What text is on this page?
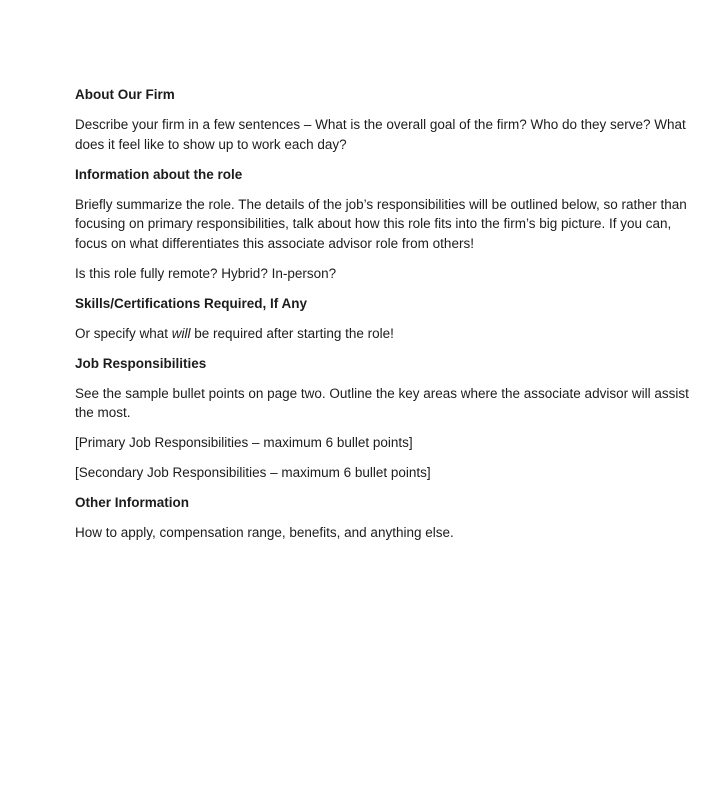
About Our Firm

Describe your firm in a few sentences – What is the overall goal of the firm? Who do they serve? What does it feel like to show up to work each day?

Information about the role

Briefly summarize the role. The details of the job’s responsibilities will be outlined below, so rather than focusing on primary responsibilities, talk about how this role fits into the firm’s big picture. If you can, focus on what differentiates this associate advisor role from others!

Is this role fully remote? Hybrid? In-person?

Skills/Certifications Required, If Any

Or specify what will be required after starting the role!

Job Responsibilities

See the sample bullet points on page two. Outline the key areas where the associate advisor will assist the most.

[Primary Job Responsibilities – maximum 6 bullet points]

[Secondary Job Responsibilities – maximum 6 bullet points]

Other Information

How to apply, compensation range, benefits, and anything else.
